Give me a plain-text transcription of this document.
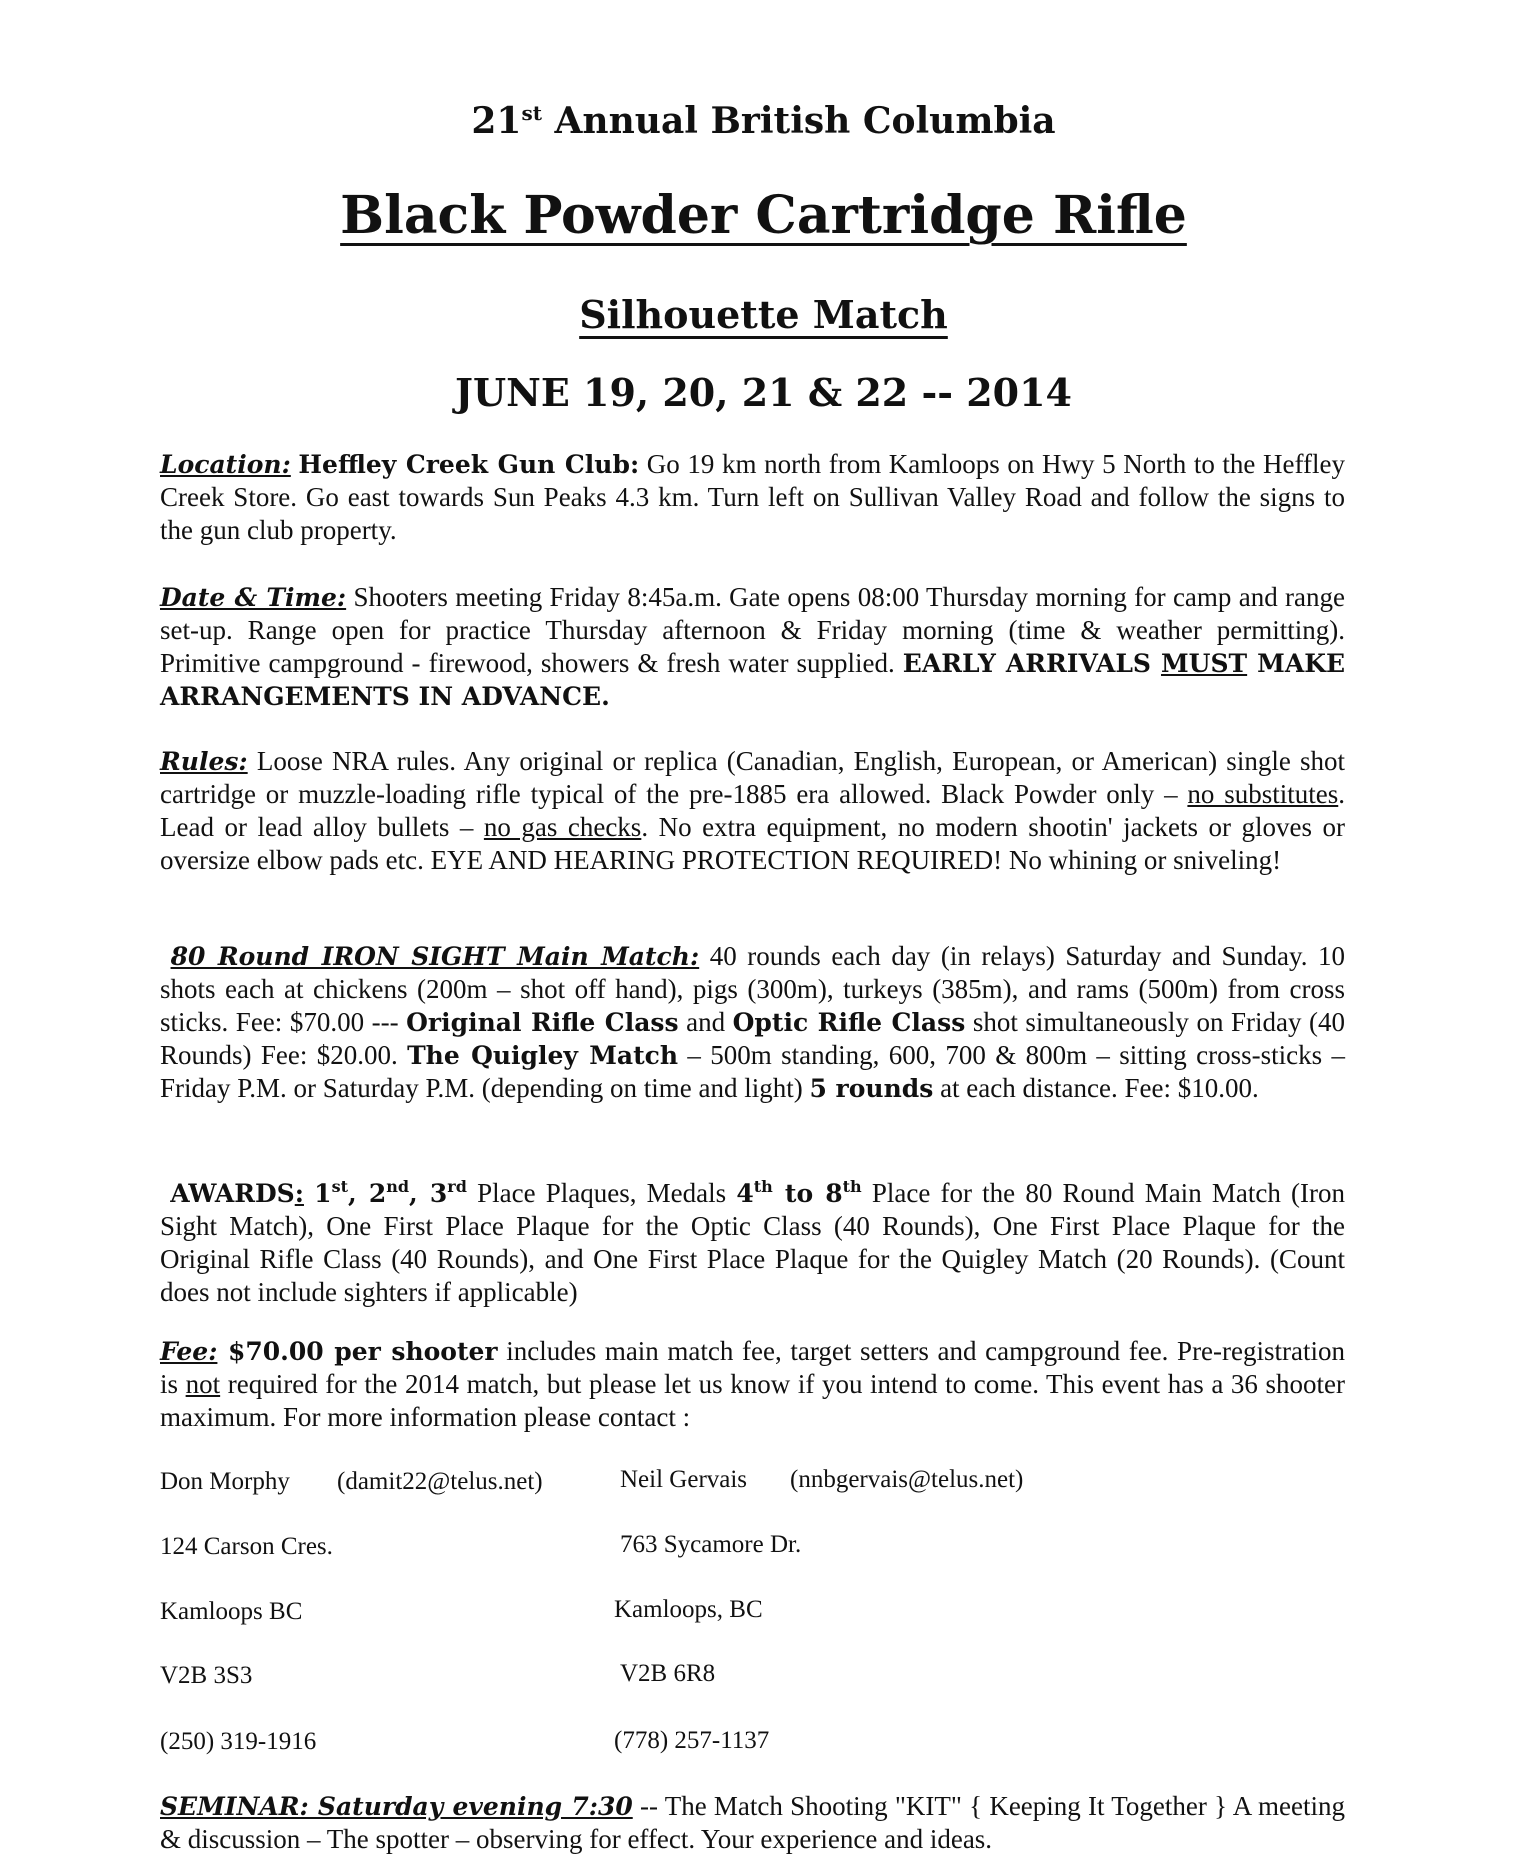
21st Annual British Columbia
Black Powder Cartridge Rifle
Silhouette Match
JUNE 19, 20, 21 & 22 -- 2014
Location: Heffley Creek Gun Club: Go 19 km north from Kamloops on Hwy 5 North to the Heffley Creek Store. Go east towards Sun Peaks 4.3 km. Turn left on Sullivan Valley Road and follow the signs to the gun club property.
Date & Time: Shooters meeting Friday 8:45a.m. Gate opens 08:00 Thursday morning for camp and range set-up. Range open for practice Thursday afternoon & Friday morning (time & weather permitting). Primitive campground - firewood, showers & fresh water supplied. EARLY ARRIVALS MUST MAKE ARRANGEMENTS IN ADVANCE.
Rules: Loose NRA rules. Any original or replica (Canadian, English, European, or American) single shot cartridge or muzzle-loading rifle typical of the pre-1885 era allowed. Black Powder only – no substitutes. Lead or lead alloy bullets – no gas checks. No extra equipment, no modern shootin' jackets or gloves or oversize elbow pads etc. EYE AND HEARING PROTECTION REQUIRED! No whining or sniveling!
80 Round IRON SIGHT Main Match: 40 rounds each day (in relays) Saturday and Sunday. 10 shots each at chickens (200m – shot off hand), pigs (300m), turkeys (385m), and rams (500m) from cross sticks. Fee: $70.00 --- Original Rifle Class and Optic Rifle Class shot simultaneously on Friday (40 Rounds) Fee: $20.00. The Quigley Match – 500m standing, 600, 700 & 800m – sitting cross-sticks – Friday P.M. or Saturday P.M. (depending on time and light) 5 rounds at each distance. Fee: $10.00.
AWARDS: 1st, 2nd, 3rd Place Plaques, Medals 4th to 8th Place for the 80 Round Main Match (Iron Sight Match), One First Place Plaque for the Optic Class (40 Rounds), One First Place Plaque for the Original Rifle Class (40 Rounds), and One First Place Plaque for the Quigley Match (20 Rounds). (Count does not include sighters if applicable)
Fee: $70.00 per shooter includes main match fee, target setters and campground fee. Pre-registration is not required for the 2014 match, but please let us know if you intend to come. This event has a 36 shooter maximum. For more information please contact :
Don Morphy (damit22@telus.net)
124 Carson Cres.
Kamloops BC
V2B 3S3
(250) 319-1916
Neil Gervais (nnbgervais@telus.net)
763 Sycamore Dr.
Kamloops, BC
V2B 6R8
(778) 257-1137
SEMINAR: Saturday evening 7:30 -- The Match Shooting "KIT" { Keeping It Together } A meeting & discussion – The spotter – observing for effect. Your experience and ideas.
